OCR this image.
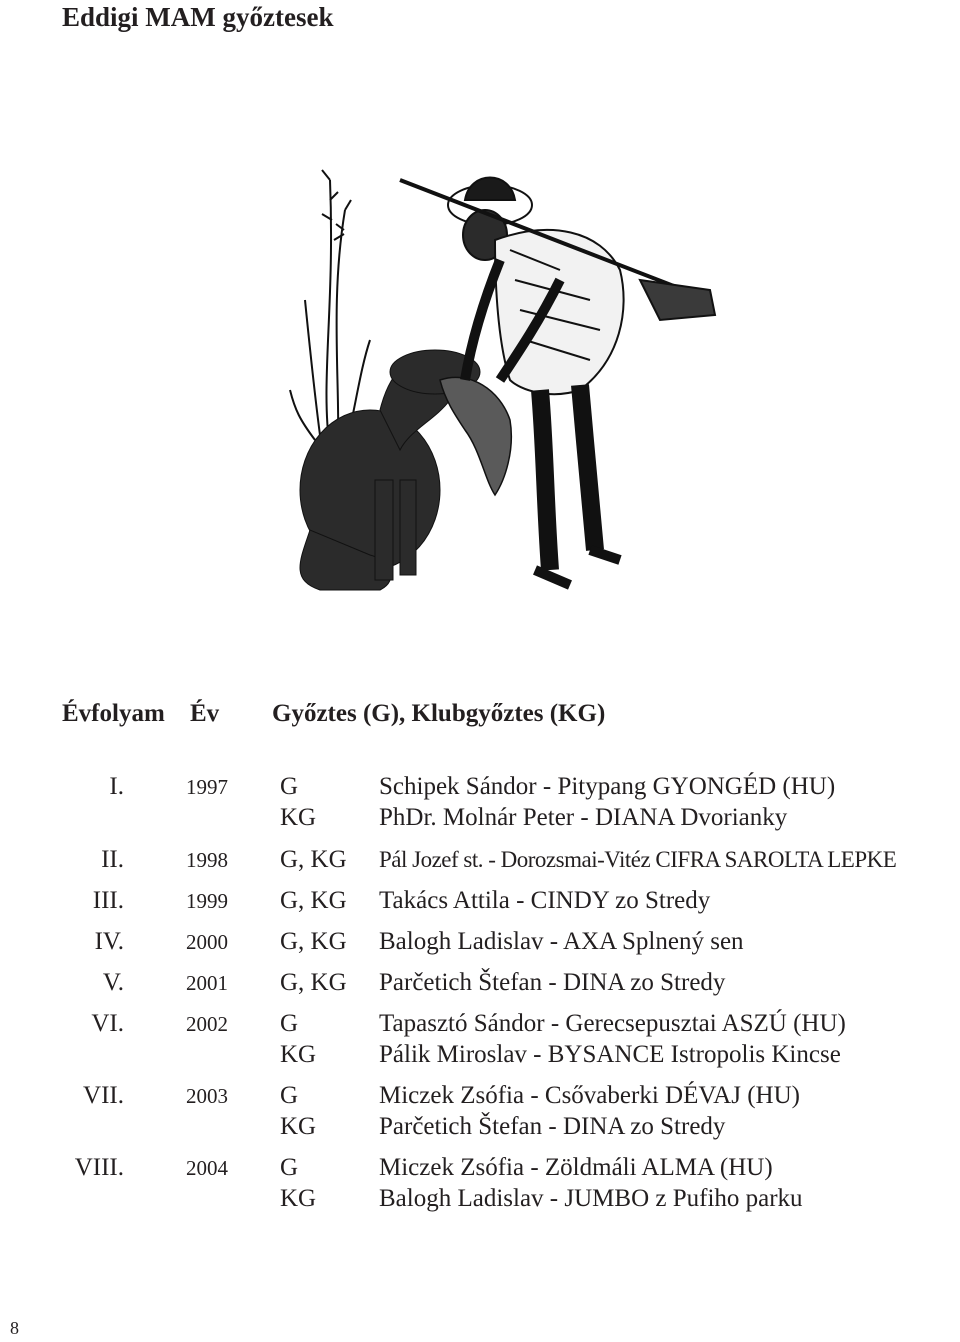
Eddigi MAM győztesek
Évfolyam Év Győztes (G), Klubgyőztes (KG)
I.	1997 G	Schipek Sándor - Pitypang GYONGÉD (HU)
KG	PhDr. Molnár Peter - DIANA Dvorianky
II.	1998 G, KG Pál Jozef st. - Dorozsmai-Vitéz CIFRA SAROLTA LEPKE
III.	1999 G, KG Takács Attila - CINDY zo Stredy
IV.	2000 G, KG Balogh Ladislav - AXA Splnený sen
V.	2001 G, KG Parčetich Štefan - DINA zo Stredy
VI.	2002 G	Tapasztó Sándor - Gerecsepusztai ASZÚ (HU)
KG	Pálik Miroslav - BYSANCE Istropolis Kincse
VII.	2003 G	Miczek Zsófia - Csővaberki DÉVAJ (HU)
KG	Parčetich Štefan - DINA zo Stredy
VIII.	2004 G	Miczek Zsófia - Zöldmáli ALMA (HU)
KG	Balogh Ladislav - JUMBO z Pufiho parku
8
